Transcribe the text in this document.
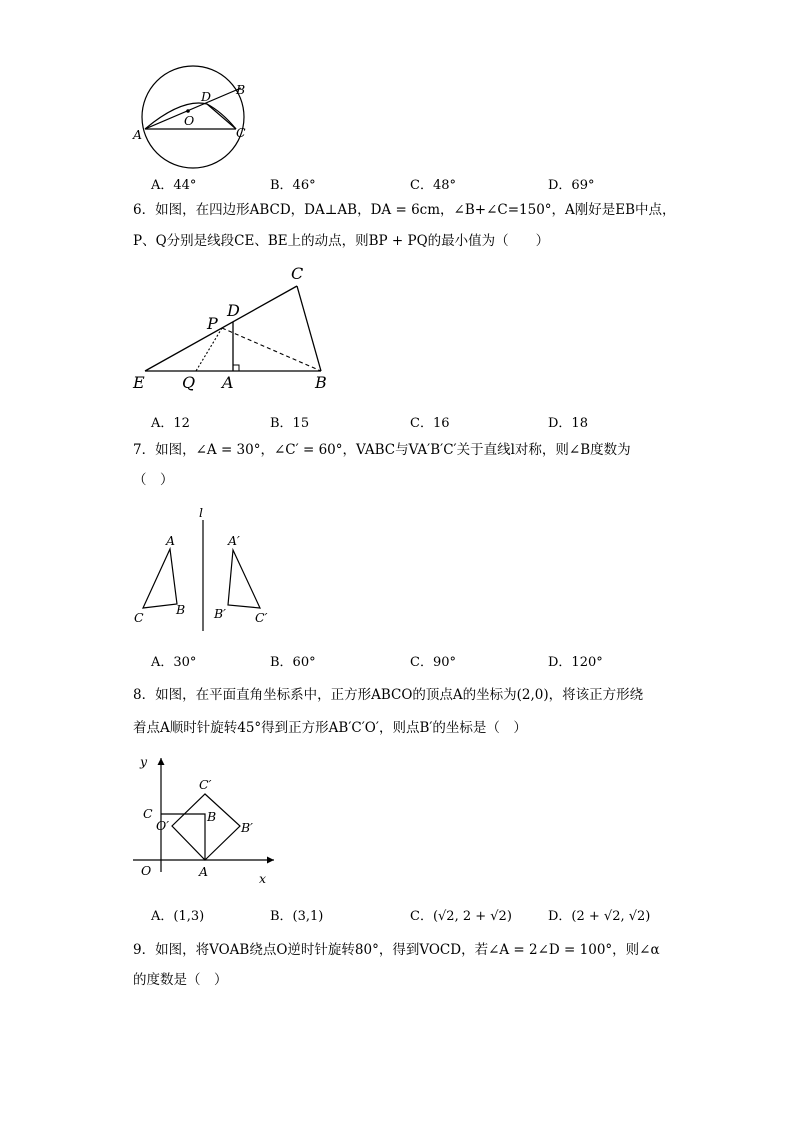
B
D
O
A	C
A．44°	B．46°	C．48°	D．69°
6．如图，在四边形ABCD，DA⊥AB，DA = 6cm，∠B+∠C=150°，A刚好是EB中点，
P、Q分别是线段CE、BE上的动点，则BP + PQ的最小值为（　　）
C
D
P
E Q A	B
A．12	B．15	C．16	D．18
7．如图，∠A = 30°，∠C′ = 60°，VABC与VA′B′C′关于直线l对称，则∠B度数为
（　）
l
A
C
B
A′
B′ C′
A．30°	B．60°	C．90°	D．120°
8．如图，在平面直角坐标系中，正方形ABCO的顶点A的坐标为(2,0)，将该正方形绕
着点A顺时针旋转45°得到正方形AB′C′O′，则点B′的坐标是（　）
y
C′
C	B
O′	B′
O	A	x
A．(1,3)	B．(3,1)	C．(√2, 2 + √2)	D．(2 + √2, √2)
9．如图，将VOAB绕点O逆时针旋转80°，得到VOCD，若∠A = 2∠D = 100°，则∠α
的度数是（　）
